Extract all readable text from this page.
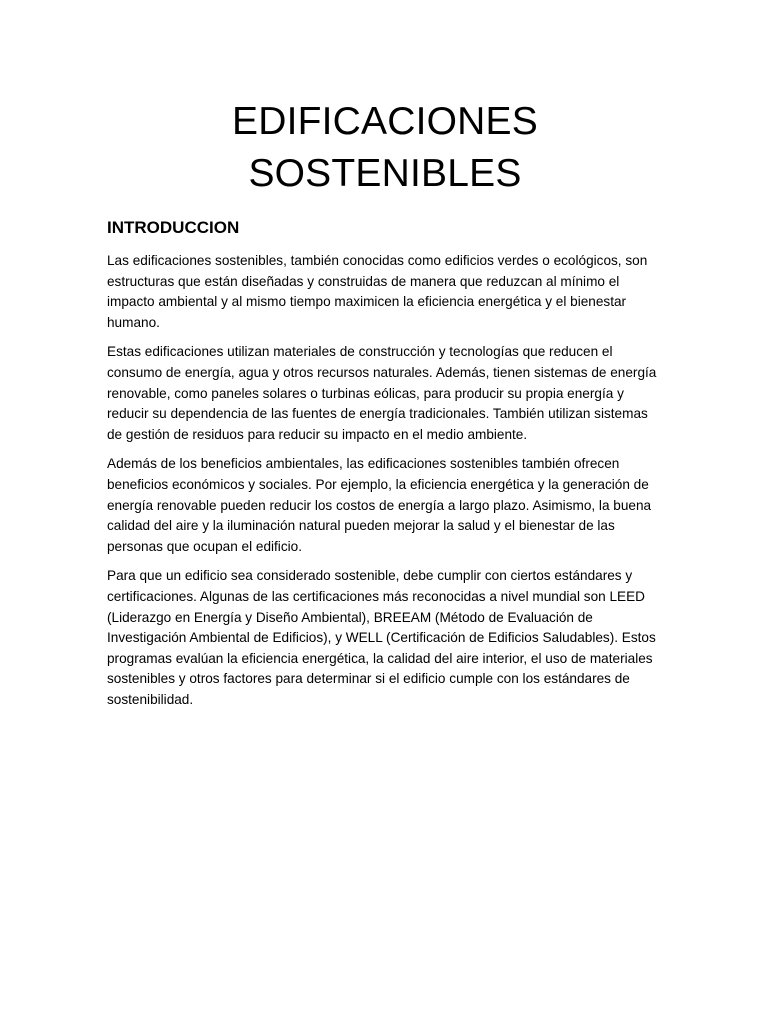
EDIFICACIONES SOSTENIBLES
INTRODUCCION

Las edificaciones sostenibles, también conocidas como edificios verdes o ecológicos, son estructuras que están diseñadas y construidas de manera que reduzcan al mínimo el impacto ambiental y al mismo tiempo maximicen la eficiencia energética y el bienestar humano.

Estas edificaciones utilizan materiales de construcción y tecnologías que reducen el consumo de energía, agua y otros recursos naturales. Además, tienen sistemas de energía renovable, como paneles solares o turbinas eólicas, para producir su propia energía y reducir su dependencia de las fuentes de energía tradicionales. También utilizan sistemas de gestión de residuos para reducir su impacto en el medio ambiente.

Además de los beneficios ambientales, las edificaciones sostenibles también ofrecen beneficios económicos y sociales. Por ejemplo, la eficiencia energética y la generación de energía renovable pueden reducir los costos de energía a largo plazo. Asimismo, la buena calidad del aire y la iluminación natural pueden mejorar la salud y el bienestar de las personas que ocupan el edificio.

Para que un edificio sea considerado sostenible, debe cumplir con ciertos estándares y certificaciones. Algunas de las certificaciones más reconocidas a nivel mundial son LEED (Liderazgo en Energía y Diseño Ambiental), BREEAM (Método de Evaluación de Investigación Ambiental de Edificios), y WELL (Certificación de Edificios Saludables). Estos programas evalúan la eficiencia energética, la calidad del aire interior, el uso de materiales sostenibles y otros factores para determinar si el edificio cumple con los estándares de sostenibilidad.
